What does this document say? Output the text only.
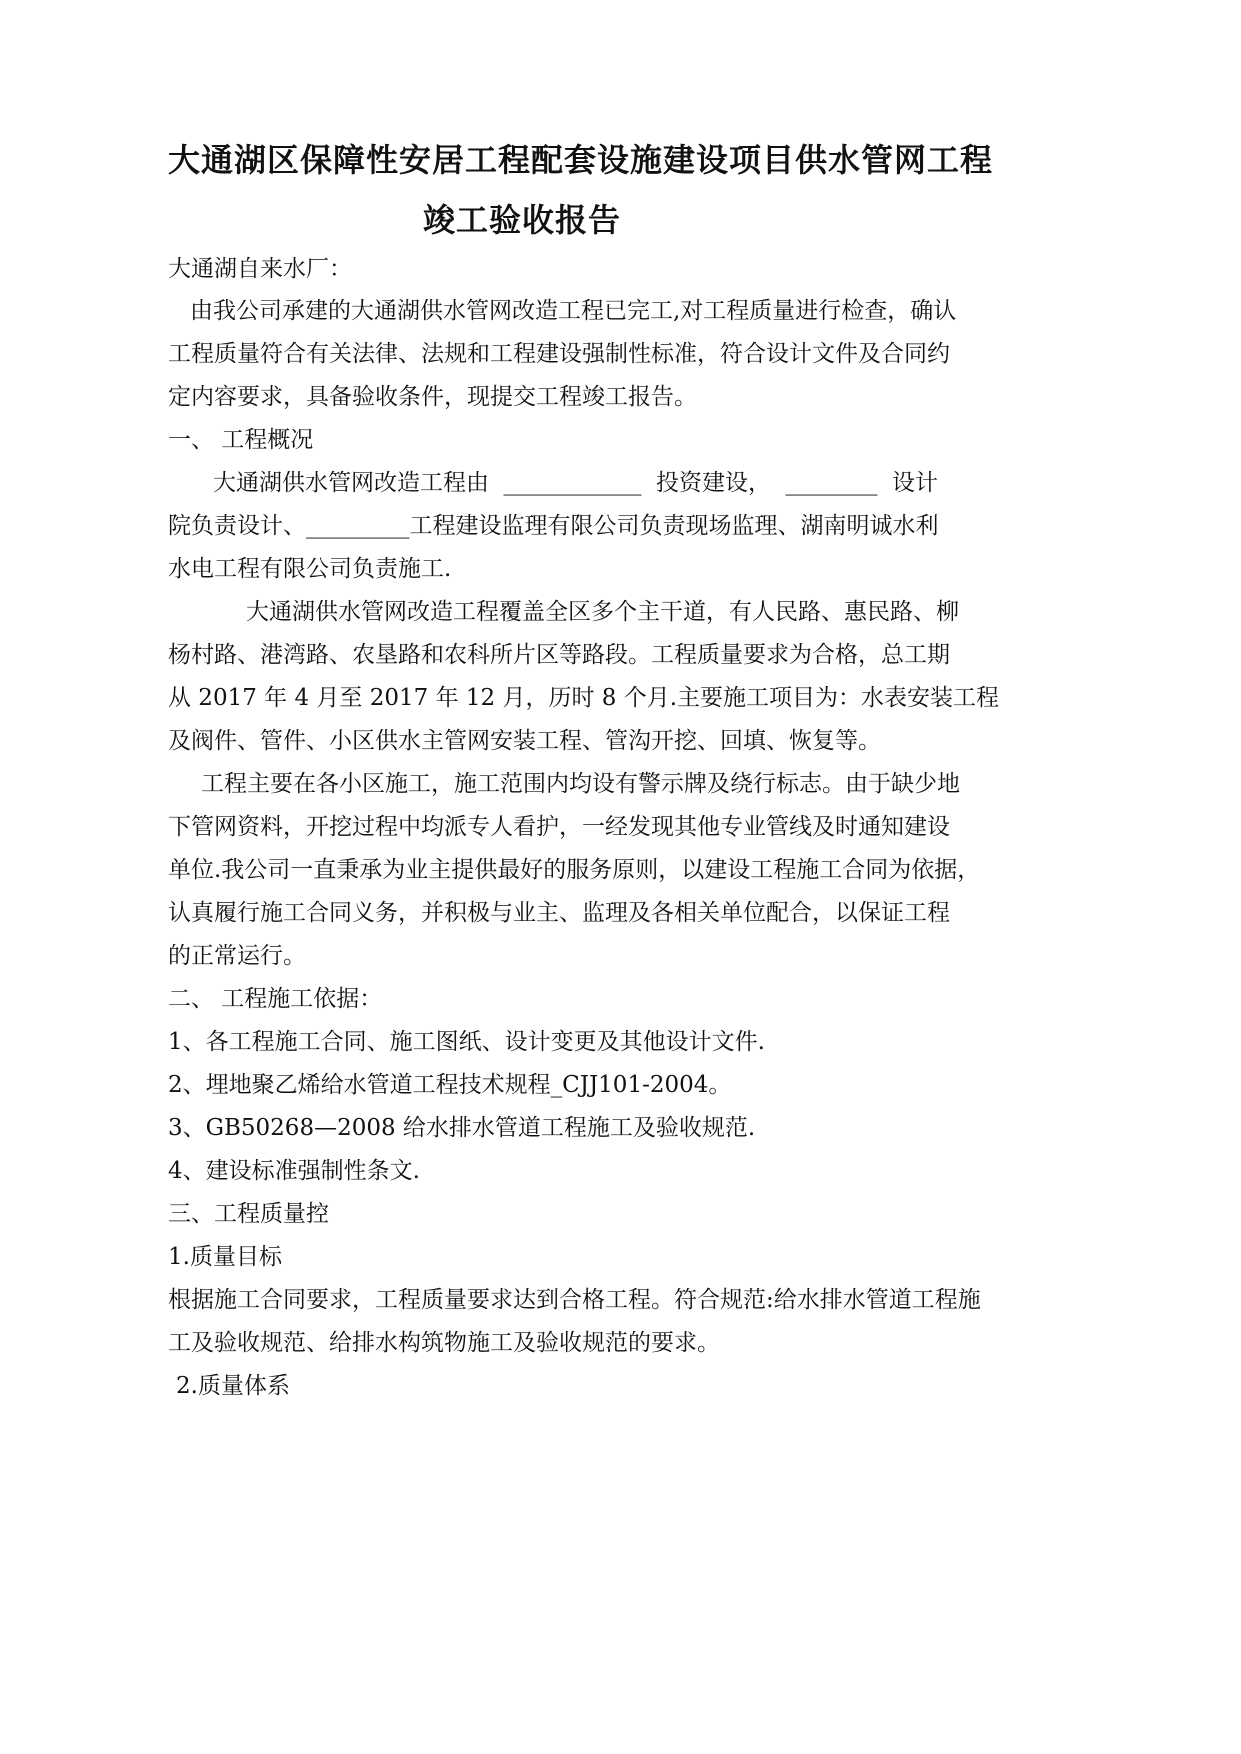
大通湖区保障性安居工程配套设施建设项目供水管网工程
竣工验收报告
大通湖自来水厂：
由我公司承建的大通湖供水管网改造工程已完工,对工程质量进行检查，确认
工程质量符合有关法律、法规和工程建设强制性标准，符合设计文件及合同约
定内容要求，具备验收条件，现提交工程竣工报告。
一、 工程概况
大通湖供水管网改造工程由 ____________ 投资建设， ________ 设计
院负责设计、_________工程建设监理有限公司负责现场监理、湖南明诚水利
水电工程有限公司负责施工.
大通湖供水管网改造工程覆盖全区多个主干道，有人民路、惠民路、柳
杨村路、港湾路、农垦路和农科所片区等路段。工程质量要求为合格，总工期
从 2017 年 4 月至 2017 年 12 月，历时 8 个月.主要施工项目为：水表安装工程
及阀件、管件、小区供水主管网安装工程、管沟开挖、回填、恢复等。
工程主要在各小区施工，施工范围内均设有警示牌及绕行标志。由于缺少地
下管网资料，开挖过程中均派专人看护，一经发现其他专业管线及时通知建设
单位.我公司一直秉承为业主提供最好的服务原则，以建设工程施工合同为依据，
认真履行施工合同义务，并积极与业主、监理及各相关单位配合，以保证工程
的正常运行。
二、 工程施工依据：
1、各工程施工合同、施工图纸、设计变更及其他设计文件.
2、埋地聚乙烯给水管道工程技术规程_CJJ101-2004。
3、GB50268—2008 给水排水管道工程施工及验收规范.
4、建设标准强制性条文.
三、工程质量控
1.质量目标
根据施工合同要求，工程质量要求达到合格工程。符合规范:给水排水管道工程施
工及验收规范、给排水构筑物施工及验收规范的要求。
2.质量体系
